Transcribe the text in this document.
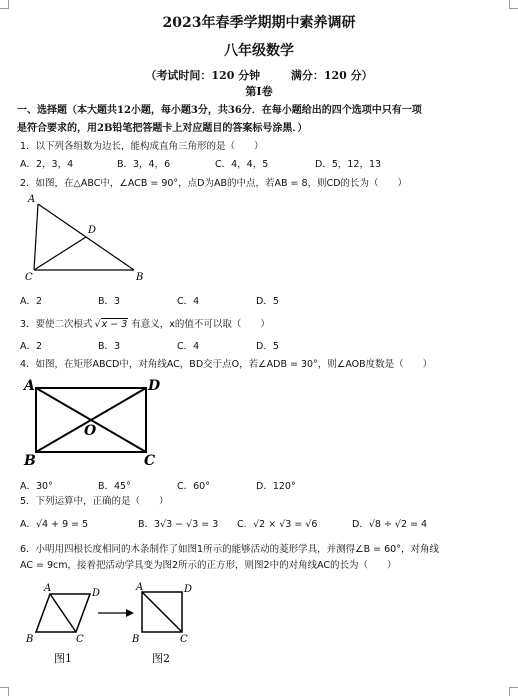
2023年春季学期期中素养调研
八年级数学
（考试时间：120 分钟        满分：120 分）
第Ⅰ卷
一、选择题（本大题共12小题，每小题3分，共36分．在每小题给出的四个选项中只有一项
是符合要求的，用2B铅笔把答题卡上对应题目的答案标号涂黑．）
1．以下列各组数为边长，能构成直角三角形的是（　　）
A．2，3，4	B．3，4，6	C．4，4，5	D．5，12，13
2．如图，在△ABC中，∠ACB = 90°，点D为AB的中点，若AB = 8，则CD的长为（　　）
A
D
C	B
A．2	B．3	C．4	D．5
3．要使二次根式 √x − 3 有意义，x的值不可以取（　　）
A．2	B．3	C．4	D．5
4．如图，在矩形ABCD中，对角线AC，BD交于点O，若∠ADB = 30°，则∠AOB度数是（　　）
A	D
O
B	C
A．30°	B．45°	C．60°	D．120°
5．下列运算中，正确的是（　　）
A．√4 + 9 = 5	B．3√3 − √3 = 3 C．√2 × √3 = √6	D．√8 ÷ √2 = 4
6．小明用四根长度相同的木条制作了如图1所示的能够活动的菱形学具，并测得∠B = 60°，对角线
AC = 9cm，接着把活动学具变为图2所示的正方形，则图2中的对角线AC的长为（　　）
A	D
B	C
A	D
B	C
图1	图2
